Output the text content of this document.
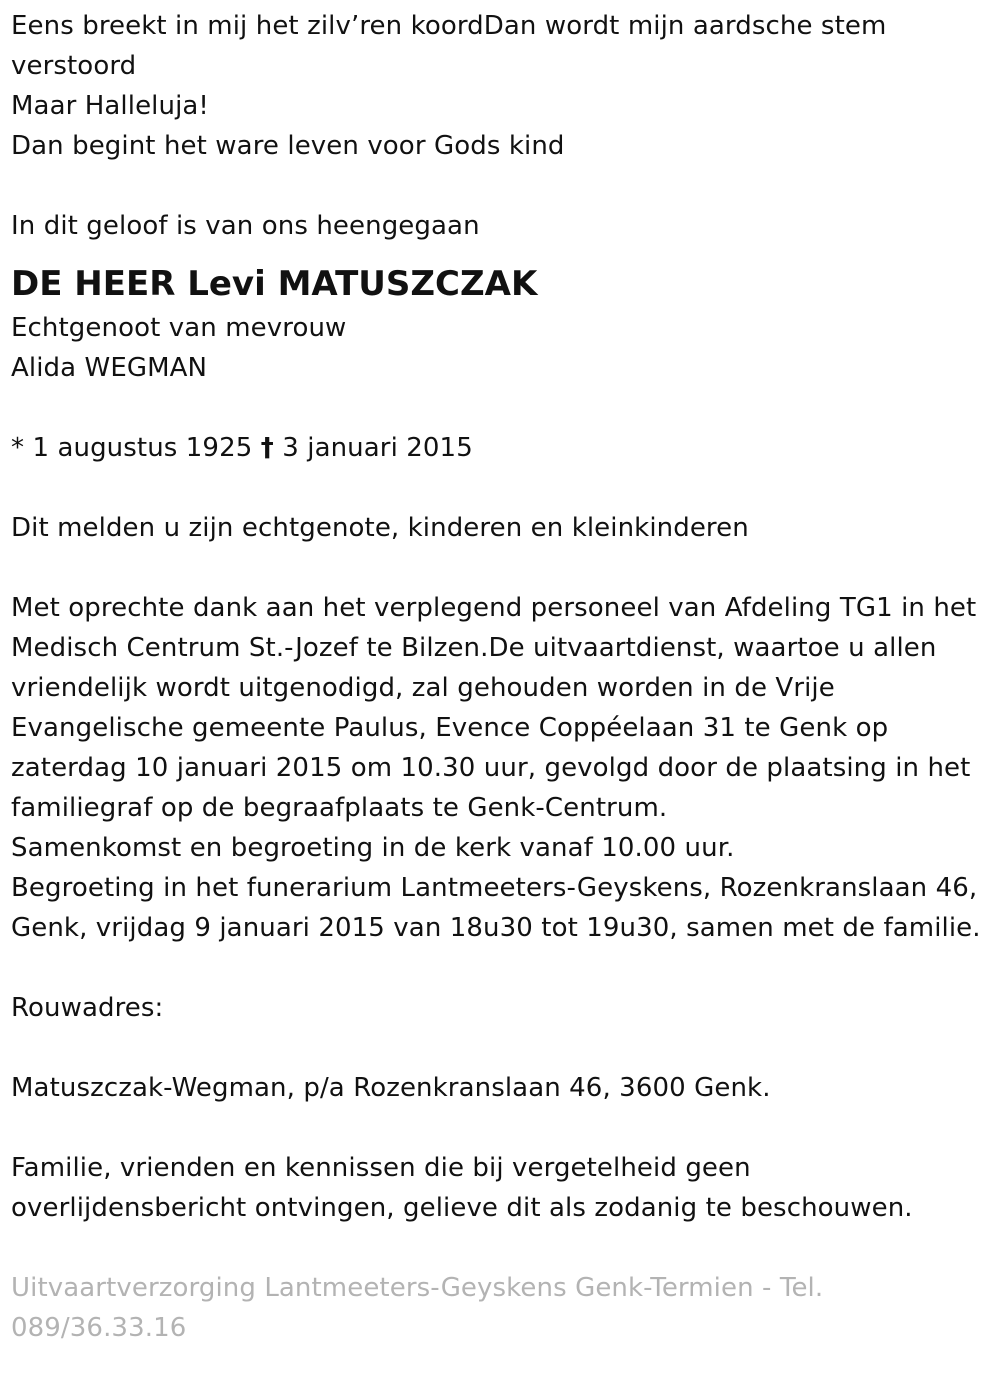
Eens breekt in mij het zilv’ren koordDan wordt mijn aardsche stem
verstoord
Maar Halleluja!
Dan begint het ware leven voor Gods kind
In dit geloof is van ons heengegaan
DE HEER Levi MATUSZCZAK
Echtgenoot van mevrouw
Alida WEGMAN
* 1 augustus 1925 † 3 januari 2015
Dit melden u zijn echtgenote, kinderen en kleinkinderen
Met oprechte dank aan het verplegend personeel van Afdeling TG1 in het
Medisch Centrum St.-Jozef te Bilzen.De uitvaartdienst, waartoe u allen
vriendelijk wordt uitgenodigd, zal gehouden worden in de Vrije
Evangelische gemeente Paulus, Evence Coppéelaan 31 te Genk op
zaterdag 10 januari 2015 om 10.30 uur, gevolgd door de plaatsing in het
familiegraf op de begraafplaats te Genk-Centrum.
Samenkomst en begroeting in de kerk vanaf 10.00 uur.
Begroeting in het funerarium Lantmeeters-Geyskens, Rozenkranslaan 46,
Genk, vrijdag 9 januari 2015 van 18u30 tot 19u30, samen met de familie.
Rouwadres:
Matuszczak-Wegman, p/a Rozenkranslaan 46, 3600 Genk.
Familie, vrienden en kennissen die bij vergetelheid geen
overlijdensbericht ontvingen, gelieve dit als zodanig te beschouwen.
Uitvaartverzorging Lantmeeters-Geyskens Genk-Termien - Tel.
089/36.33.16
